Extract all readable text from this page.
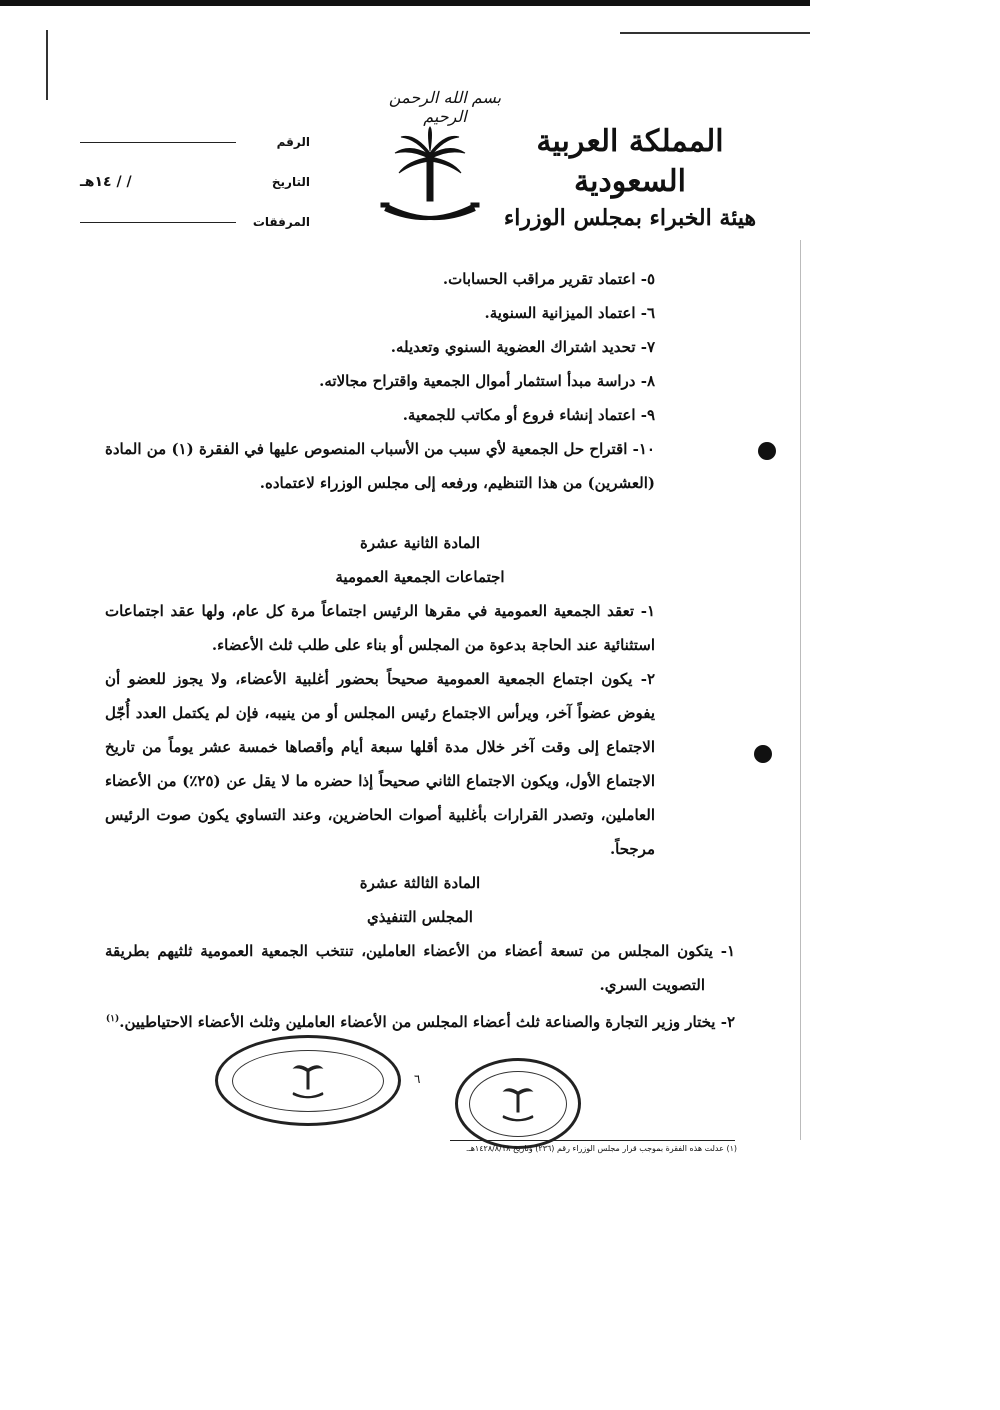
بسم الله الرحمن الرحيم
المملكة العربية السعودية
هيئة الخبراء بمجلس الوزراء
الرقم
التاريخ
/ / ١٤هـ
المرفقات

٥- اعتماد تقرير مراقب الحسابات.

٦- اعتماد الميزانية السنوية.

٧- تحديد اشتراك العضوية السنوي وتعديله.

٨- دراسة مبدأ استثمار أموال الجمعية واقتراح مجالاته.

٩- اعتماد إنشاء فروع أو مكاتب للجمعية.

١٠- اقتراح حل الجمعية لأي سبب من الأسباب المنصوص عليها في الفقرة (١) من المادة (العشرين) من هذا التنظيم، ورفعه إلى مجلس الوزراء لاعتماده.

المادة الثانية عشرة

اجتماعات الجمعية العمومية

١- تعقد الجمعية العمومية في مقرها الرئيس اجتماعاً مرة كل عام، ولها عقد اجتماعات استثنائية عند الحاجة بدعوة من المجلس أو بناء على طلب ثلث الأعضاء.

٢- يكون اجتماع الجمعية العمومية صحيحاً بحضور أغلبية الأعضاء، ولا يجوز للعضو أن يفوض عضواً آخر، ويرأس الاجتماع رئيس المجلس أو من ينيبه، فإن لم يكتمل العدد أُجّل الاجتماع إلى وقت آخر خلال مدة أقلها سبعة أيام وأقصاها خمسة عشر يوماً من تاريخ الاجتماع الأول، ويكون الاجتماع الثاني صحيحاً إذا حضره ما لا يقل عن (٢٥٪) من الأعضاء العاملين، وتصدر القرارات بأغلبية أصوات الحاضرين، وعند التساوي يكون صوت الرئيس مرجحاً.

المادة الثالثة عشرة

المجلس التنفيذي

١- يتكون المجلس من تسعة أعضاء من الأعضاء العاملين، تنتخب الجمعية العمومية ثلثيهم بطريقة التصويت السري.

٢- يختار وزير التجارة والصناعة ثلث أعضاء المجلس من الأعضاء العاملين وثلث الأعضاء الاحتياطيين.$^{(١)}$

٦
(١) عدلت هذه الفقرة بموجب قرار مجلس الوزراء رقم (٢٣٦) وتاريخ ١٤٢٨/٨/١٨هـ.
